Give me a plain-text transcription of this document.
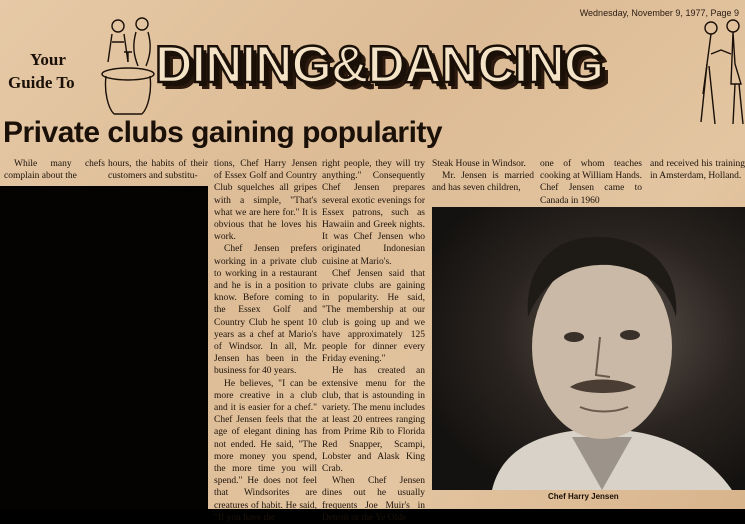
Wednesday, November 9, 1977, Page 9
Your
Guide To	DINING&DANCING
Private clubs gaining popularity

While many chefs complain about the

hours, the habits of their customers and substitu-

tions, Chef Harry Jensen of Essex Golf and Country Club squelches all gripes with a simple, "That's what we are here for." It is obvious that he loves his work.

Chef Jensen prefers working in a private club to working in a restaurant and he is in a position to know. Before coming to the Essex Golf and Country Club he spent 10 years as a chef at Mario's of Windsor. In all, Mr. Jensen has been in the business for 40 years.

He believes, "I can be more creative in a club and it is easier for a chef." Chef Jensen feels that the age of elegant dining has not ended. He said, "The more money you spend, the more time you will spend." He does not feel that Windsorites are creatures of habit. He said, "If you have the

right people, they will try anything." Consequently Chef Jensen prepares several exotic evenings for Essex patrons, such as Hawaiin and Greek nights. It was Chef Jensen who originated Indonesian cuisine at Mario's.

Chef Jensen said that private clubs are gaining in popularity. He said, "The membership at our club is going up and we have approximately 125 people for dinner every Friday evening."

He has created an extensive menu for the club, that is astounding in variety. The menu includes at least 20 entrees ranging from Prime Rib to Florida Red Snapper, Scampi, Lobster and Alask King Crab.

When Chef Jensen dines out he usually frequents Joe Muir's in Detroit or the Ye Olde

Steak House in Windsor.

Mr. Jensen is married and has seven children,

one of whom teaches cooking at William Hands. Chef Jensen came to Canada in 1960

and received his training in Amsterdam, Holland.

Chef Harry Jensen
